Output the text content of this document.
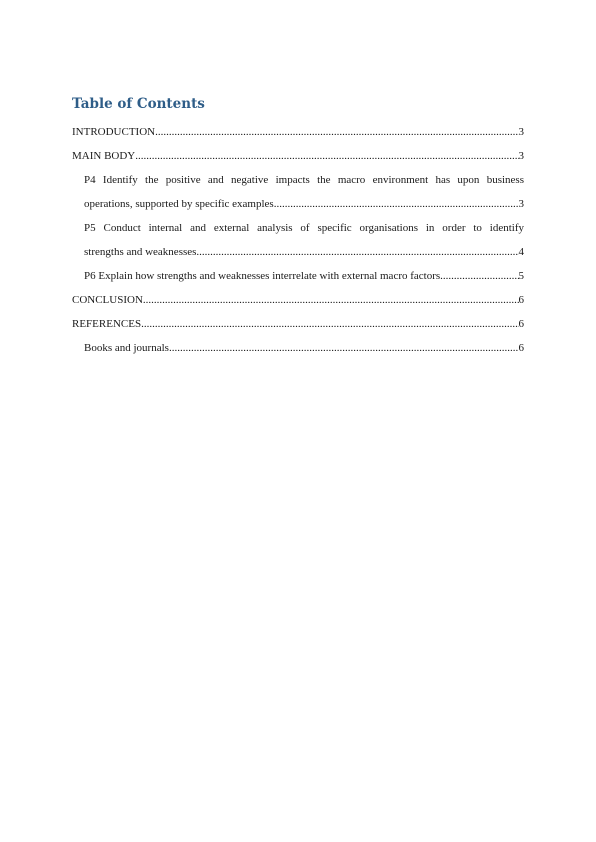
Table of Contents
INTRODUCTION .....	3
MAIN BODY .....	3
P4 Identify the positive and negative impacts the macro environment has upon business
operations, supported by specific examples .....	3
P5 Conduct internal and external analysis of specific organisations in order to identify
strengths and weaknesses .....	4
P6 Explain how strengths and weaknesses interrelate with external macro factors .....	5
CONCLUSION .....	6
REFERENCES .....	6
Books and journals .....	6
